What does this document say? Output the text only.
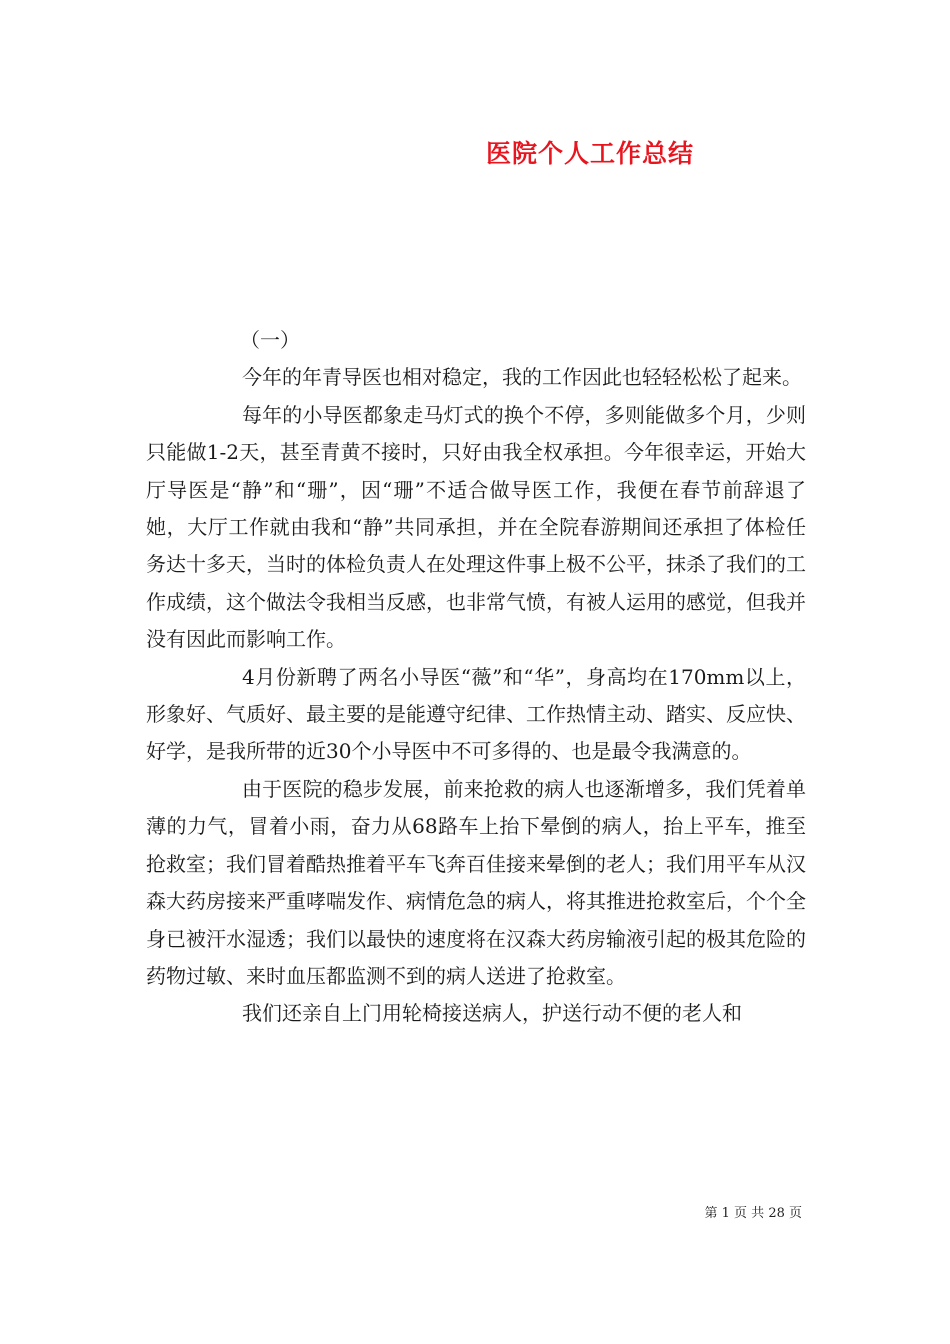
医院个人工作总结

（一）

今年的年青导医也相对稳定，我的工作因此也轻轻松松了起来。

每年的小导医都象走马灯式的换个不停，多则能做多个月，少则只能做1-2天，甚至青黄不接时，只好由我全权承担。今年很幸运，开始大厅导医是“静”和“珊”，因“珊”不适合做导医工作，我便在春节前辞退了她，大厅工作就由我和“静”共同承担，并在全院春游期间还承担了体检任务达十多天，当时的体检负责人在处理这件事上极不公平，抹杀了我们的工作成绩，这个做法令我相当反感，也非常气愤，有被人运用的感觉，但我并没有因此而影响工作。

4月份新聘了两名小导医“薇”和“华”，身高均在170mm以上，形象好、气质好、最主要的是能遵守纪律、工作热情主动、踏实、反应快、好学，是我所带的近30个小导医中不可多得的、也是最令我满意的。

由于医院的稳步发展，前来抢救的病人也逐渐增多，我们凭着单薄的力气，冒着小雨，奋力从68路车上抬下晕倒的病人，抬上平车，推至抢救室；我们冒着酷热推着平车飞奔百佳接来晕倒的老人；我们用平车从汉森大药房接来严重哮喘发作、病情危急的病人，将其推进抢救室后，个个全身已被汗水湿透；我们以最快的速度将在汉森大药房输液引起的极其危险的药物过敏、来时血压都监测不到的病人送进了抢救室。

我们还亲自上门用轮椅接送病人，护送行动不便的老人和

第 1 页 共 28 页
